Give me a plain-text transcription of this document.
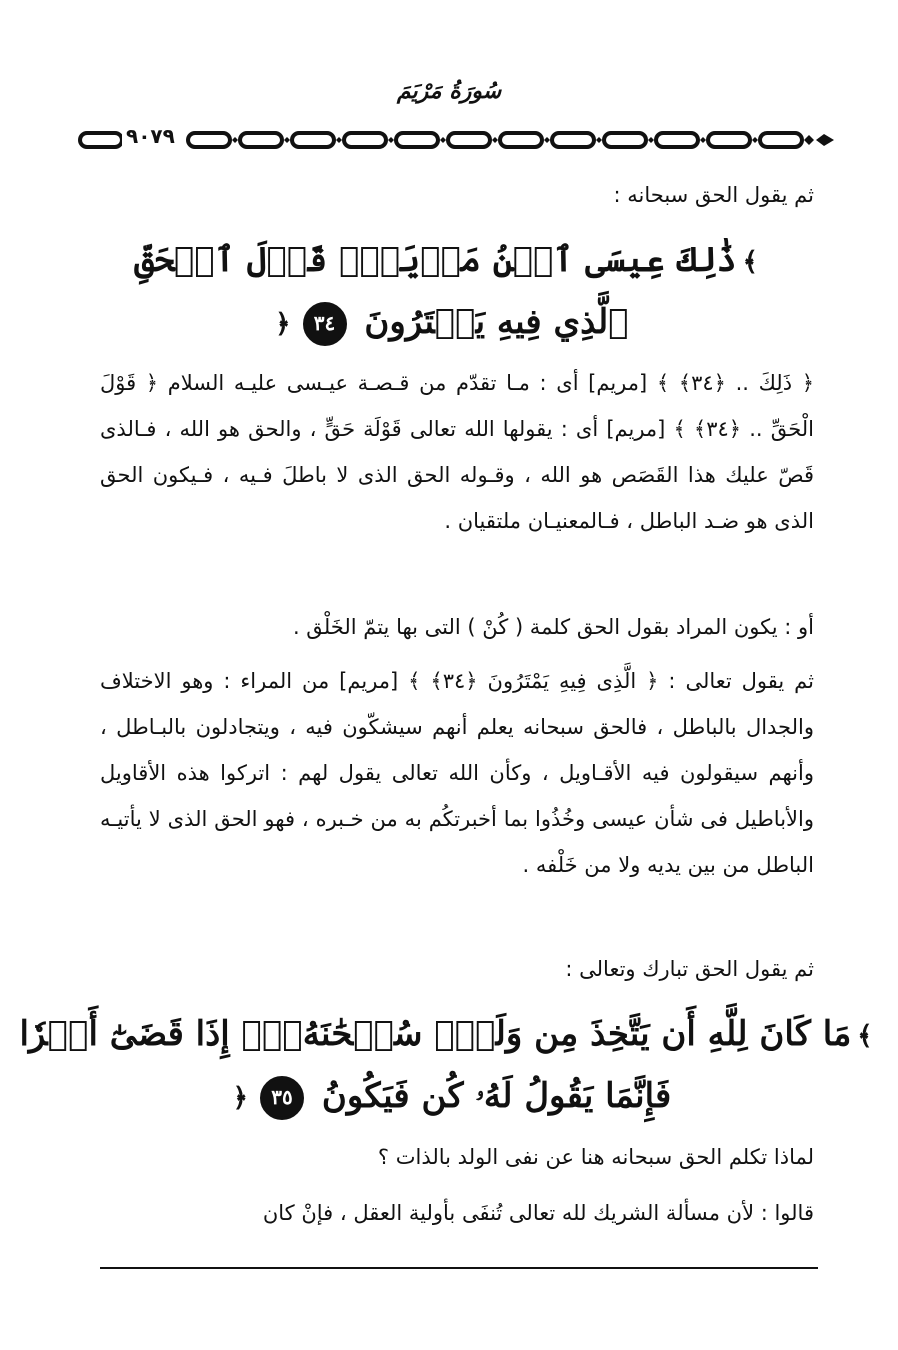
سُورَةُ مَرْيَمَ
٩٠٧٩
ثم يقول الحق سبحانه :
﴾ذَٰلِكَ عِيسَى ٱبۡنُ مَرۡيَمَۖ قَوۡلَ ٱلۡحَقِّ
ٱلَّذِي فِيهِ يَمۡتَرُونَ ٣٤﴿
﴿ ذَلِكَ .. ﴿٣٤﴾ ﴾ [مريم] أى : مـا تقدّم من قـصـة عيـسى عليـه السلام ﴿ قَوْلَ الْحَقِّ .. ﴿٣٤﴾ ﴾ [مريم] أى : يقولها الله تعالى قَوْلَة حَقٍّ ، والحق هو الله ، فـالذى قَصّ عليك هذا القَصَص هو الله ، وقـوله الحق الذى لا باطلَ فـيه ، فـيكون الحق الذى هو ضـد الباطل ، فـالمعنيـان ملتقيان .
أو : يكون المراد بقول الحق كلمة ( كُنْ ) التى بها يتمّ الخَلْق .
ثم يقول تعالى : ﴿ الَّذِى فِيهِ يَمْتَرُونَ ﴿٣٤﴾ ﴾ [مريم] من المراء : وهو الاختلاف والجدال بالباطل ، فالحق سبحانه يعلم أنهم سيشكّون فيه ، ويتجادلون بالبـاطل ، وأنهم سيقولون فيه الأقـاويل ، وكأن الله تعالى يقول لهم : اتركوا هذه الأقاويل والأباطيل فى شأن عيسى وخُذُوا بما أخبرتكُم به من خـبره ، فهو الحق الذى لا يأتيـه الباطل من بين يديه ولا من خَلْفه .
ثم يقول الحق تبارك وتعالى :
﴾مَا كَانَ لِلَّهِ أَن يَتَّخِذَ مِن وَلَدٍۖ سُبۡحَٰنَهُۥٓۚ إِذَا قَضَىٰٓ أَمۡرٗا
فَإِنَّمَا يَقُولُ لَهُۥ كُن فَيَكُونُ ٣٥﴿
لماذا تكلم الحق سبحانه هنا عن نفى الولد بالذات ؟
قالوا : لأن مسألة الشريك لله تعالى تُنفَى بأولية العقل ، فإنْ كان
